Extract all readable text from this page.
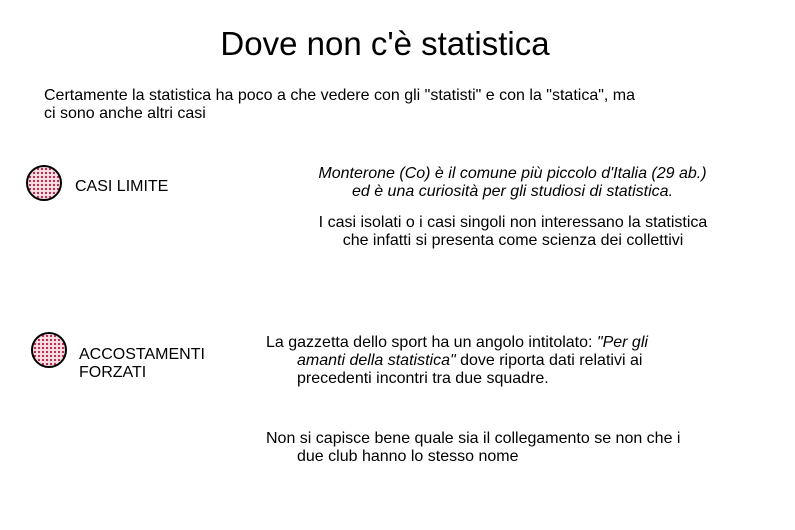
Dove non c'è statistica
Certamente la statistica ha poco a che vedere con gli "statisti" e con la "statica", ma
ci sono anche altri casi
CASI LIMITE
Monterone (Co) è il comune più piccolo d'Italia (29 ab.)
ed è una curiosità per gli studiosi di statistica.
I casi isolati o i casi singoli non interessano la statistica
che infatti si presenta come scienza dei collettivi
ACCOSTAMENTI
FORZATI
La gazzetta dello sport ha un angolo intitolato: "Per gli
amanti della statistica" dove riporta dati relativi ai
precedenti incontri tra due squadre.
Non si capisce bene quale sia il collegamento se non che i
due club hanno lo stesso nome
